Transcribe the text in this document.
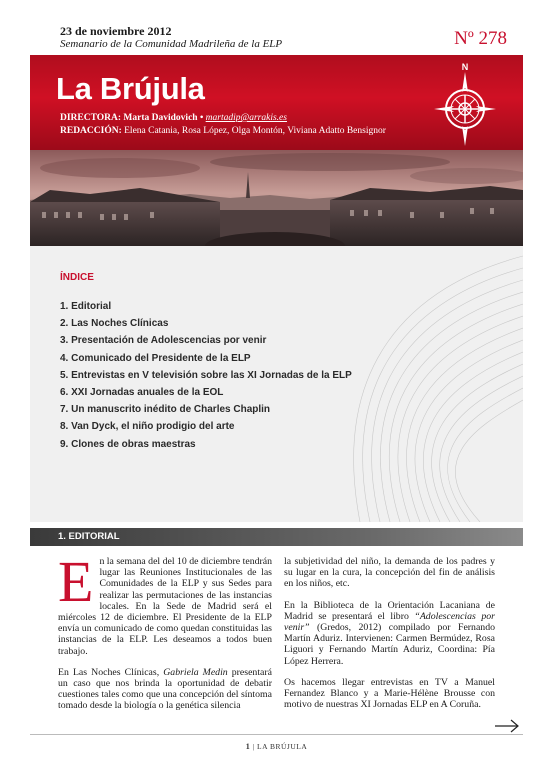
23 de noviembre 2012
Semanario de la Comunidad Madrileña de la ELP	Nº 278
La Brújula
DIRECTORA: Marta Davidovich • martadip@arrakis.es
REDACCIÓN: Elena Catania, Rosa López, Olga Montón, Viviana Adatto Bensignor
N
ÍNDICE
1. Editorial
2. Las Noches Clínicas
3. Presentación de Adolescencias por venir
4. Comunicado del Presidente de la ELP
5. Entrevistas en V televisión sobre las XI Jornadas de la ELP
6. XXI Jornadas anuales de la EOL
7. Un manuscrito inédito de Charles Chaplin
8. Van Dyck, el niño prodigio del arte
9. Clones de obras maestras
1. EDITORIAL

En la semana del del 10 de diciembre tendrán lugar las Reuniones Institucionales de las Comunidades de la ELP y sus Sedes para realizar las permutaciones de las instancias locales. En la Sede de Madrid será el miércoles 12 de diciembre. El Presidente de la ELP envía un comunicado de como quedan constituidas las instancias de la ELP. Les deseamos a todos buen trabajo.

En Las Noches Clínicas, Gabriela Medin presentará un caso que nos brinda la oportunidad de debatir cuestiones tales como que una concepción del síntoma tomado desde la biología o la genética silencia

la subjetividad del niño, la demanda de los padres y su lugar en la cura, la concepción del fin de análisis en los niños, etc.

En la Biblioteca de la Orientación Lacaniana de Madrid se presentará el libro “Adolescencias por venir” (Gredos, 2012) compilado por Fernando Martín Aduriz. Intervienen: Carmen Bermúdez, Rosa Liguori y Fernando Martín Aduriz, Coordina: Pía López Herrera.

Os hacemos llegar entrevistas en TV a Manuel Fernandez Blanco y a Marie-Hélène Brousse con motivo de nuestras XI Jornadas ELP en A Coruña.

1 | LA BRÚJULA
